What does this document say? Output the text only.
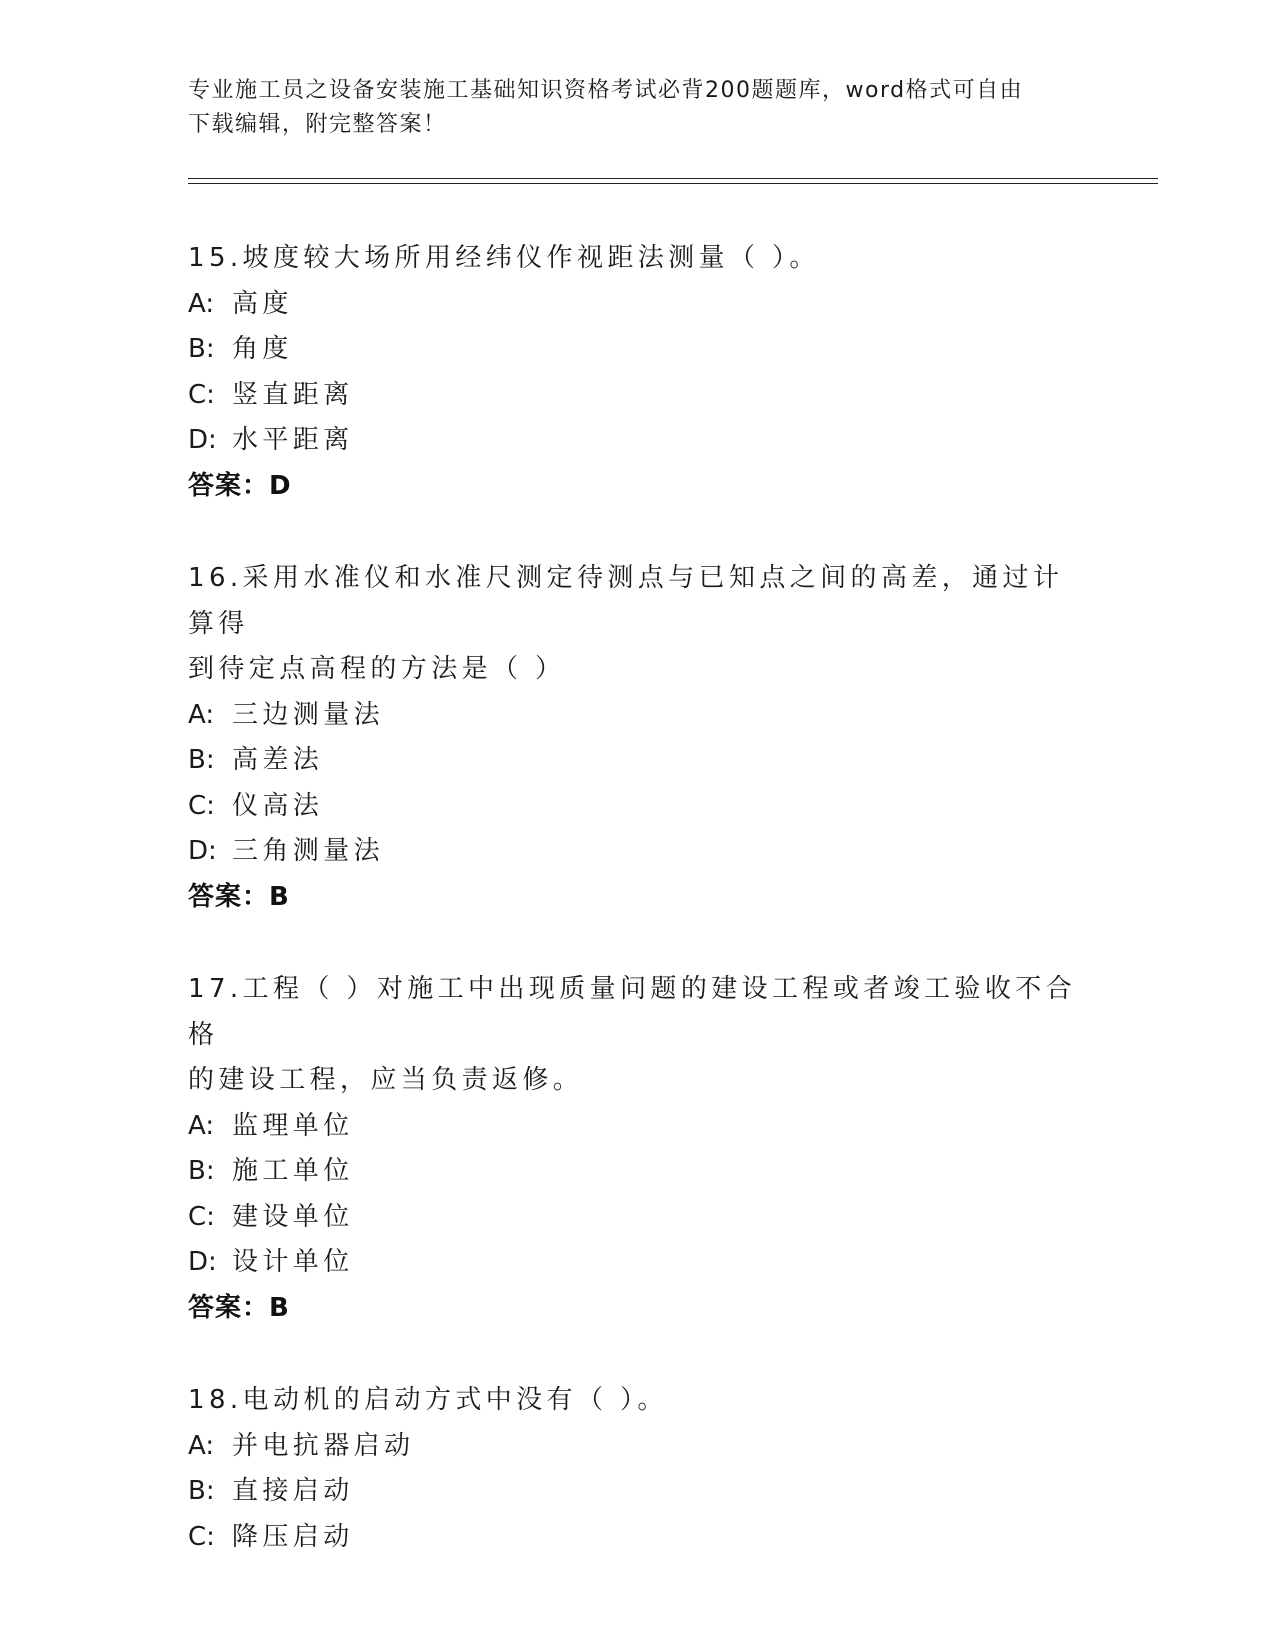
专业施工员之设备安装施工基础知识资格考试必背200题题库，word格式可自由
下载编辑，附完整答案！

15.坡度较大场所用经纬仪作视距法测量（ ）。

A: 高度

B: 角度

C: 竖直距离

D: 水平距离

答案：D

16.采用水准仪和水准尺测定待测点与已知点之间的高差，通过计算得

到待定点高程的方法是（ ）

A: 三边测量法

B: 高差法

C: 仪高法

D: 三角测量法

答案：B

17.工程（ ）对施工中出现质量问题的建设工程或者竣工验收不合格

的建设工程，应当负责返修。

A: 监理单位

B: 施工单位

C: 建设单位

D: 设计单位

答案：B

18.电动机的启动方式中没有（ ）。

A: 并电抗器启动

B: 直接启动

C: 降压启动
